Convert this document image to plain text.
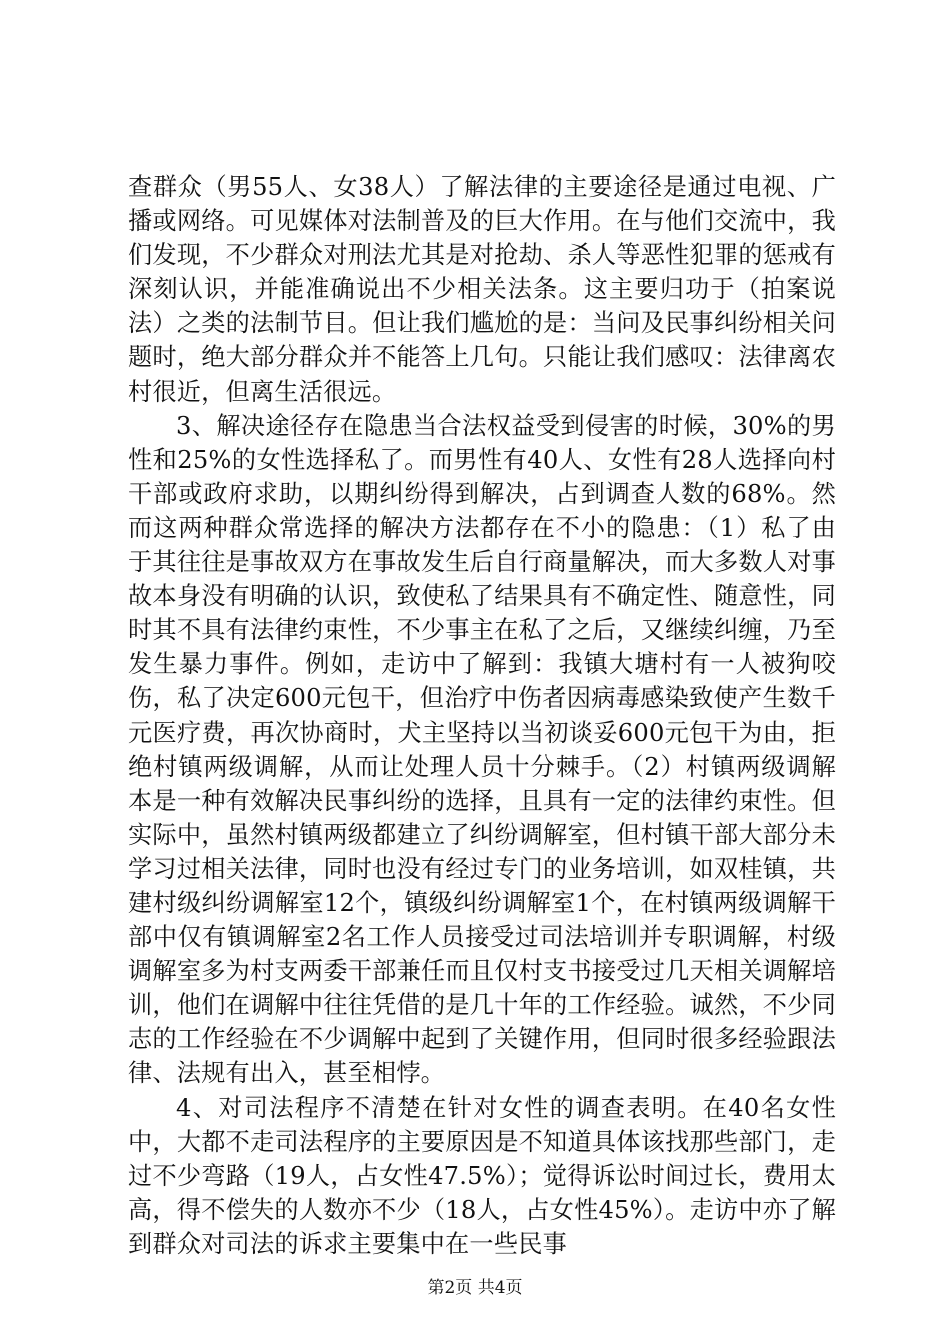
查群众（男55人、女38人）了解法律的主要途径是通过电视、广播或网络。可见媒体对法制普及的巨大作用。在与他们交流中，我们发现，不少群众对刑法尤其是对抢劫、杀人等恶性犯罪的惩戒有深刻认识，并能准确说出不少相关法条。这主要归功于（拍案说法）之类的法制节目。但让我们尴尬的是：当问及民事纠纷相关问题时，绝大部分群众并不能答上几句。只能让我们感叹：法律离农村很近，但离生活很远。

3、解决途径存在隐患当合法权益受到侵害的时候，30%的男性和25%的女性选择私了。而男性有40人、女性有28人选择向村干部或政府求助，以期纠纷得到解决，占到调查人数的68%。然而这两种群众常选择的解决方法都存在不小的隐患：（1）私了由于其往往是事故双方在事故发生后自行商量解决，而大多数人对事故本身没有明确的认识，致使私了结果具有不确定性、随意性，同时其不具有法律约束性，不少事主在私了之后，又继续纠缠，乃至发生暴力事件。例如，走访中了解到：我镇大塘村有一人被狗咬伤，私了决定600元包干，但治疗中伤者因病毒感染致使产生数千元医疗费，再次协商时，犬主坚持以当初谈妥600元包干为由，拒绝村镇两级调解，从而让处理人员十分棘手。（2）村镇两级调解本是一种有效解决民事纠纷的选择，且具有一定的法律约束性。但实际中，虽然村镇两级都建立了纠纷调解室，但村镇干部大部分未学习过相关法律，同时也没有经过专门的业务培训，如双桂镇，共建村级纠纷调解室12个，镇级纠纷调解室1个，在村镇两级调解干部中仅有镇调解室2名工作人员接受过司法培训并专职调解，村级调解室多为村支两委干部兼任而且仅村支书接受过几天相关调解培训，他们在调解中往往凭借的是几十年的工作经验。诚然，不少同志的工作经验在不少调解中起到了关键作用，但同时很多经验跟法律、法规有出入，甚至相悖。

4、对司法程序不清楚在针对女性的调查表明。在40名女性中，大都不走司法程序的主要原因是不知道具体该找那些部门，走过不少弯路（19人，占女性47.5%）；觉得诉讼时间过长，费用太高，得不偿失的人数亦不少（18人，占女性45%）。走访中亦了解到群众对司法的诉求主要集中在一些民事

第2页 共4页
